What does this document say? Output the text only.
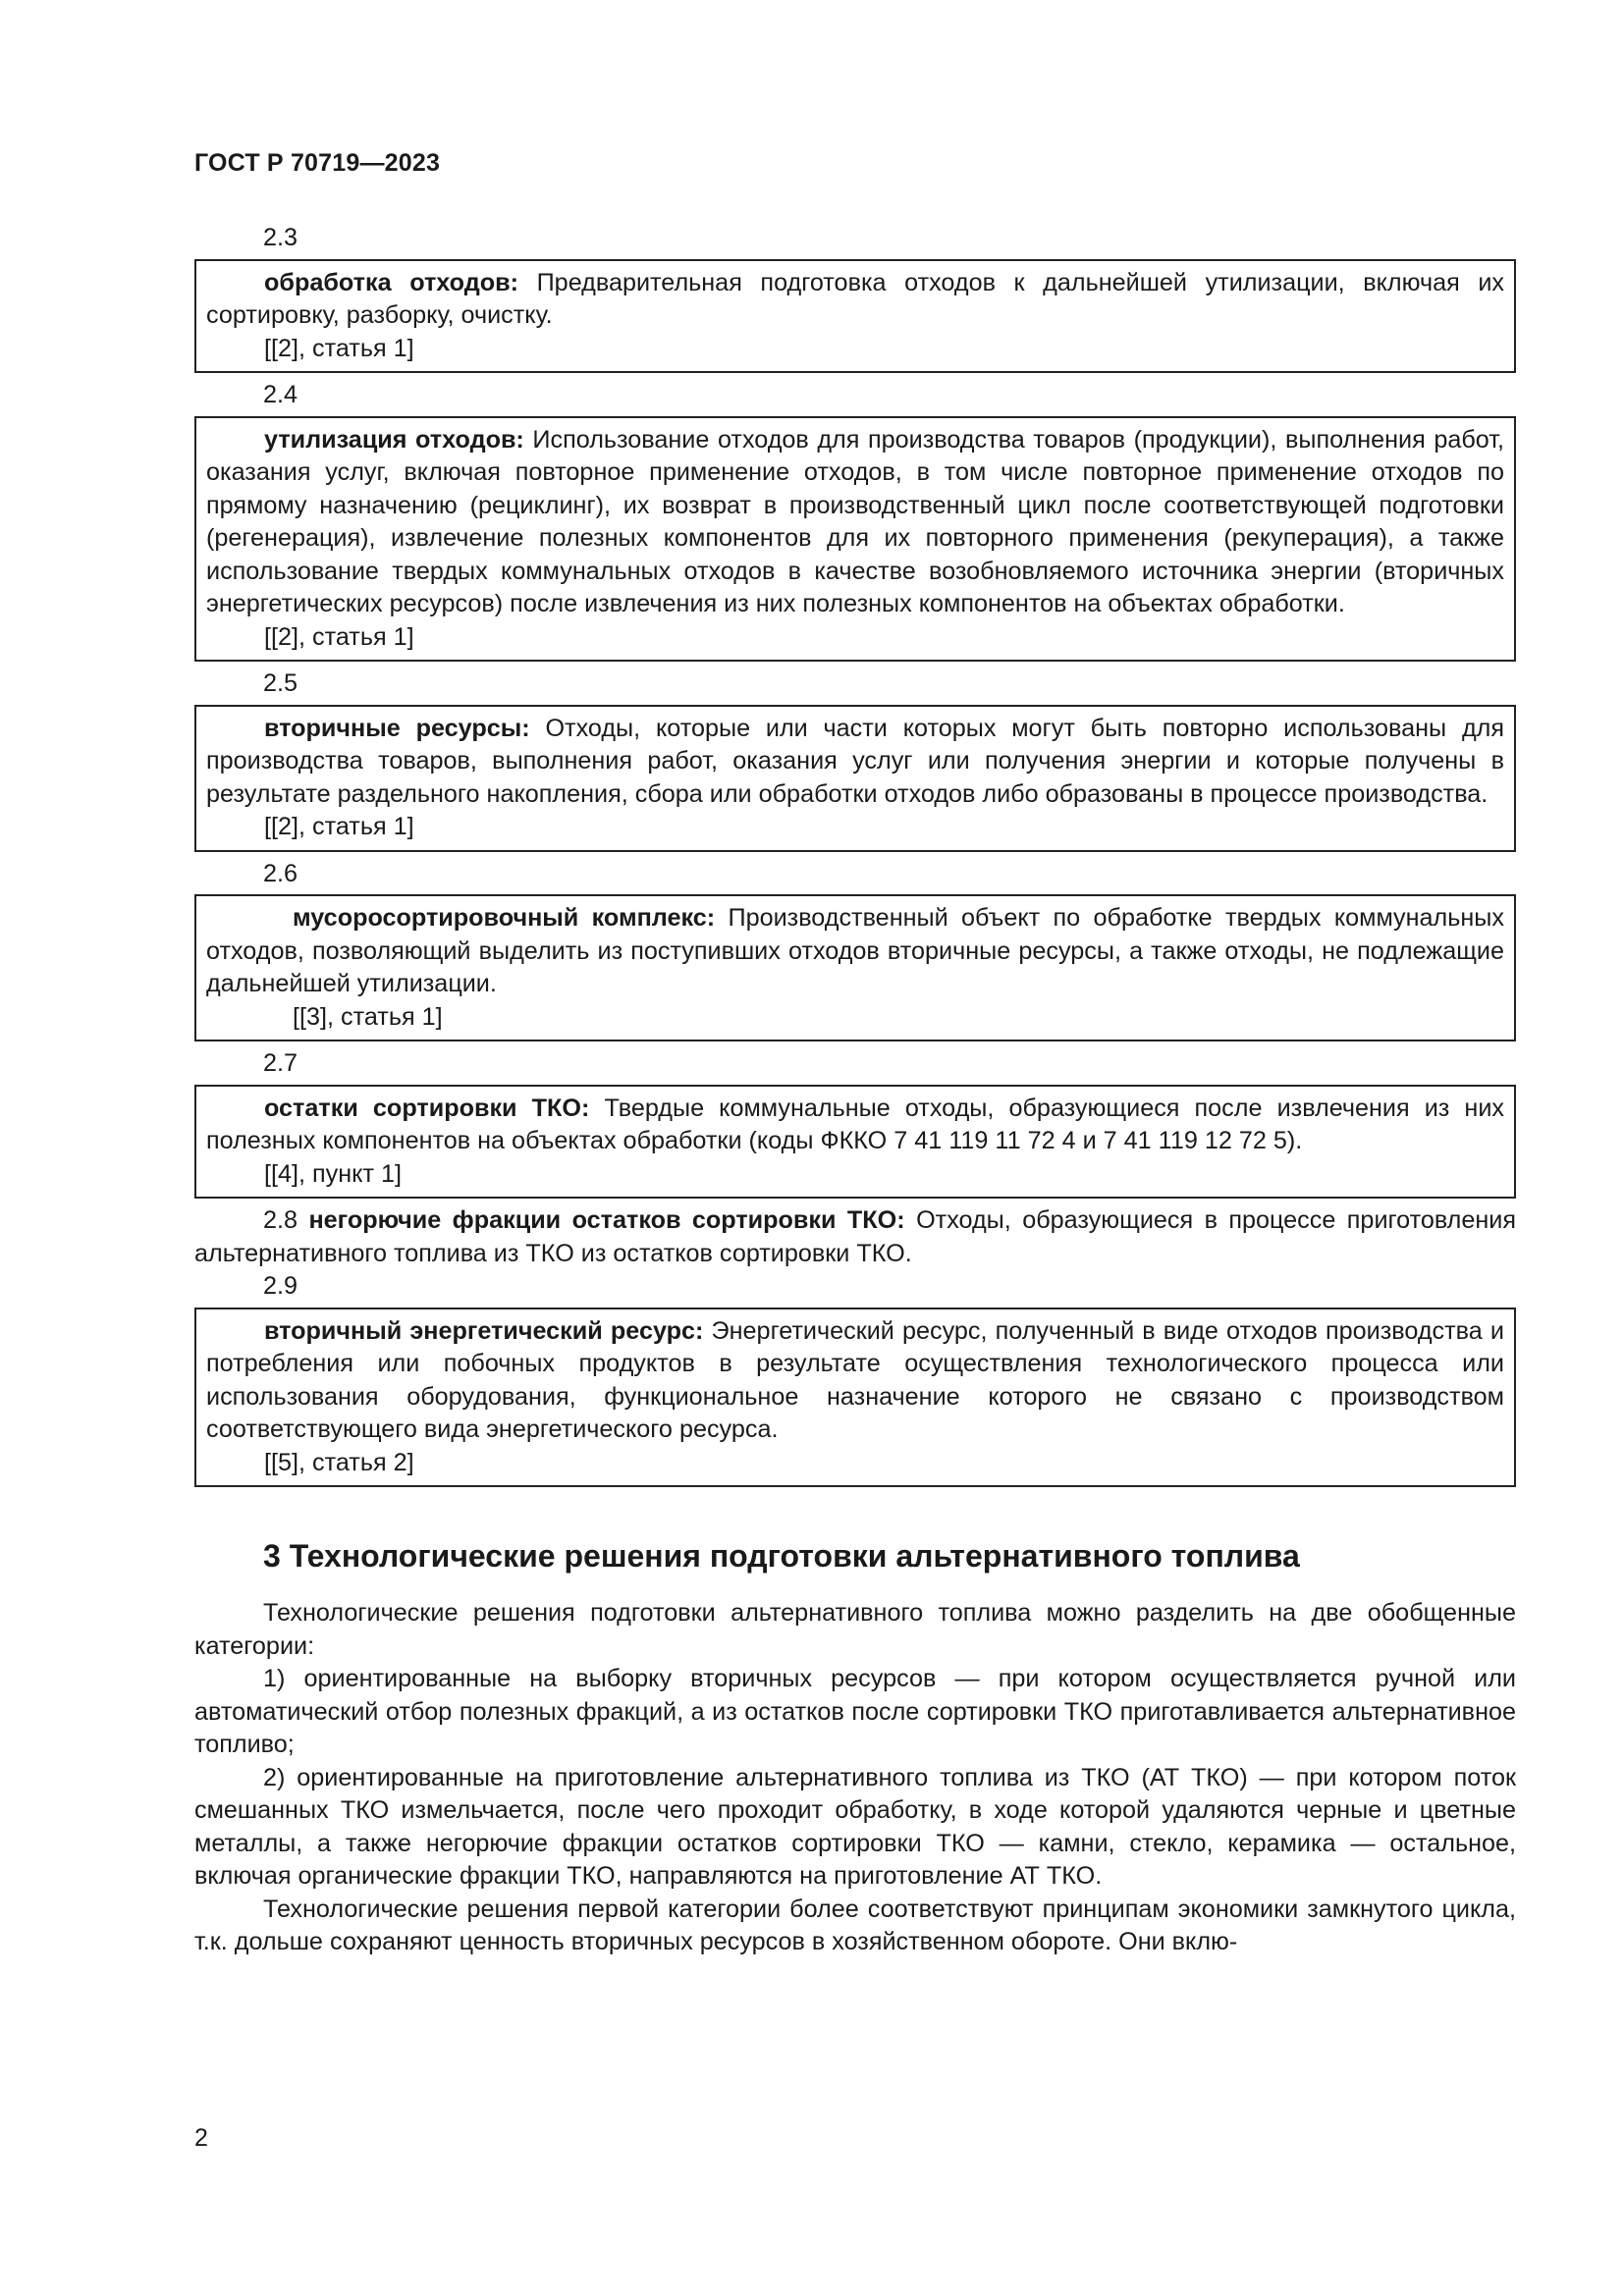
ГОСТ Р 70719—2023
2.3

обработка отходов: Предварительная подготовка отходов к дальнейшей утилизации, включая их сортировку, разборку, очистку.

[[2], статья 1]

2.4

утилизация отходов: Использование отходов для производства товаров (продукции), выполнения работ, оказания услуг, включая повторное применение отходов, в том числе повторное применение отходов по прямому назначению (рециклинг), их возврат в производственный цикл после соответствующей подготовки (регенерация), извлечение полезных компонентов для их повторного применения (рекуперация), а также использование твердых коммунальных отходов в качестве возобновляемого источника энергии (вторичных энергетических ресурсов) после извлечения из них полезных компонентов на объектах обработки.

[[2], статья 1]

2.5

вторичные ресурсы: Отходы, которые или части которых могут быть повторно использованы для производства товаров, выполнения работ, оказания услуг или получения энергии и которые получены в результате раздельного накопления, сбора или обработки отходов либо образованы в процессе производства.

[[2], статья 1]

2.6

мусоросортировочный комплекс: Производственный объект по обработке твердых коммунальных отходов, позволяющий выделить из поступивших отходов вторичные ресурсы, а также отходы, не подлежащие дальнейшей утилизации.

[[3], статья 1]

2.7

остатки сортировки ТКО: Твердые коммунальные отходы, образующиеся после извлечения из них полезных компонентов на объектах обработки (коды ФККО 7 41 119 11 72 4 и 7 41 119 12 72 5).

[[4], пункт 1]

2.8 негорючие фракции остатков сортировки ТКО: Отходы, образующиеся в процессе приготовления альтернативного топлива из ТКО из остатков сортировки ТКО.

2.9

вторичный энергетический ресурс: Энергетический ресурс, полученный в виде отходов производства и потребления или побочных продуктов в результате осуществления технологического процесса или использования оборудования, функциональное назначение которого не связано с производством соответствующего вида энергетического ресурса.

[[5], статья 2]

3 Технологические решения подготовки альтернативного топлива

Технологические решения подготовки альтернативного топлива можно разделить на две обобщенные категории:

1) ориентированные на выборку вторичных ресурсов — при котором осуществляется ручной или автоматический отбор полезных фракций, а из остатков после сортировки ТКО приготавливается альтернативное топливо;

2) ориентированные на приготовление альтернативного топлива из ТКО (АТ ТКО) — при котором поток смешанных ТКО измельчается, после чего проходит обработку, в ходе которой удаляются черные и цветные металлы, а также негорючие фракции остатков сортировки ТКО — камни, стекло, керамика — остальное, включая органические фракции ТКО, направляются на приготовление АТ ТКО.

Технологические решения первой категории более соответствуют принципам экономики замкнутого цикла, т.к. дольше сохраняют ценность вторичных ресурсов в хозяйственном обороте. Они вклю-

2
